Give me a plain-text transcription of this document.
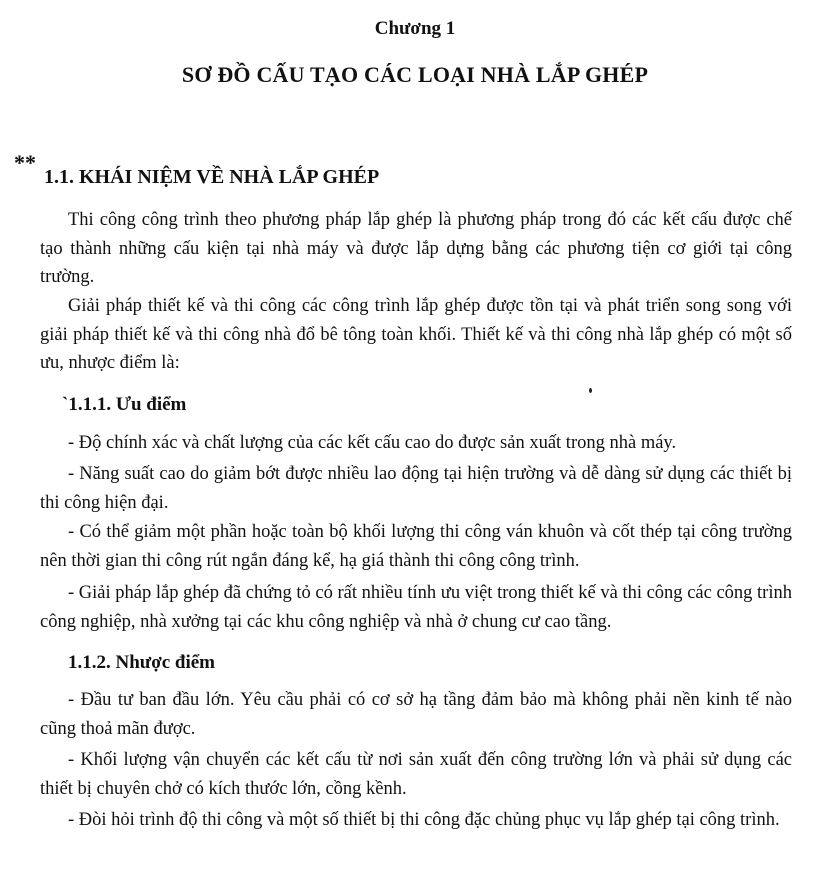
Chương 1
SƠ ĐỒ CẤU TẠO CÁC LOẠI NHÀ LẮP GHÉP
**
1.1. KHÁI NIỆM VỀ NHÀ LẮP GHÉP

Thi công công trình theo phương pháp lắp ghép là phương pháp trong đó các kết cấu được chế tạo thành những cấu kiện tại nhà máy và được lắp dựng bằng các phương tiện cơ giới tại công trường.

Giải pháp thiết kế và thi công các công trình lắp ghép được tồn tại và phát triển song song với giải pháp thiết kế và thi công nhà đổ bê tông toàn khối. Thiết kế và thi công nhà lắp ghép có một số ưu, nhược điểm là:

`1.1.1. Ưu điểm

- Độ chính xác và chất lượng của các kết cấu cao do được sản xuất trong nhà máy.

- Năng suất cao do giảm bớt được nhiều lao động tại hiện trường và dễ dàng sử dụng các thiết bị thi công hiện đại.

- Có thể giảm một phần hoặc toàn bộ khối lượng thi công ván khuôn và cốt thép tại công trường nên thời gian thi công rút ngắn đáng kể, hạ giá thành thi công công trình.

- Giải pháp lắp ghép đã chứng tỏ có rất nhiều tính ưu việt trong thiết kế và thi công các công trình công nghiệp, nhà xưởng tại các khu công nghiệp và nhà ở chung cư cao tầng.

1.1.2. Nhược điểm

- Đầu tư ban đầu lớn. Yêu cầu phải có cơ sở hạ tầng đảm bảo mà không phải nền kinh tế nào cũng thoả mãn được.

- Khối lượng vận chuyển các kết cấu từ nơi sản xuất đến công trường lớn và phải sử dụng các thiết bị chuyên chở có kích thước lớn, cồng kềnh.

- Đòi hỏi trình độ thi công và một số thiết bị thi công đặc chủng phục vụ lắp ghép tại công trình.
